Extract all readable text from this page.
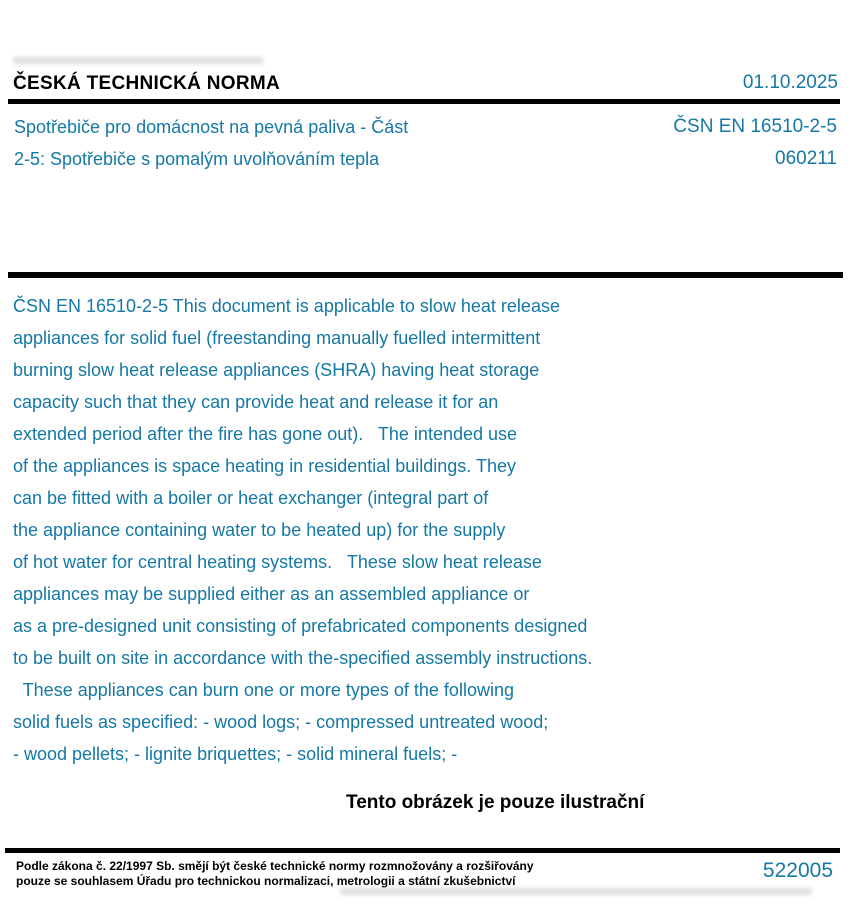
ČESKÁ TECHNICKÁ NORMA	01.10.2025
Spotřebiče pro domácnost na pevná paliva - Část
2-5: Spotřebiče s pomalým uvolňováním tepla
ČSN EN 16510-2-5
060211
ČSN EN 16510-2-5 This document is applicable to slow heat release
appliances for solid fuel (freestanding manually fuelled intermittent
burning slow heat release appliances (SHRA) having heat storage
capacity such that they can provide heat and release it for an
extended period after the fire has gone out).   The intended use
of the appliances is space heating in residential buildings. They
can be fitted with a boiler or heat exchanger (integral part of
the appliance containing water to be heated up) for the supply
of hot water for central heating systems.   These slow heat release
appliances may be supplied either as an assembled appliance or
as a pre-designed unit consisting of prefabricated components designed
to be built on site in accordance with the-specified assembly instructions.
These appliances can burn one or more types of the following
solid fuels as specified: - wood logs; - compressed untreated wood;
- wood pellets; - lignite briquettes; - solid mineral fuels; -
Tento obrázek je pouze ilustrační
Podle zákona č. 22/1997 Sb. smějí být české technické normy rozmnožovány a rozšiřovány
pouze se souhlasem Úřadu pro technickou normalizaci, metrologii a státní zkušebnictví	522005
